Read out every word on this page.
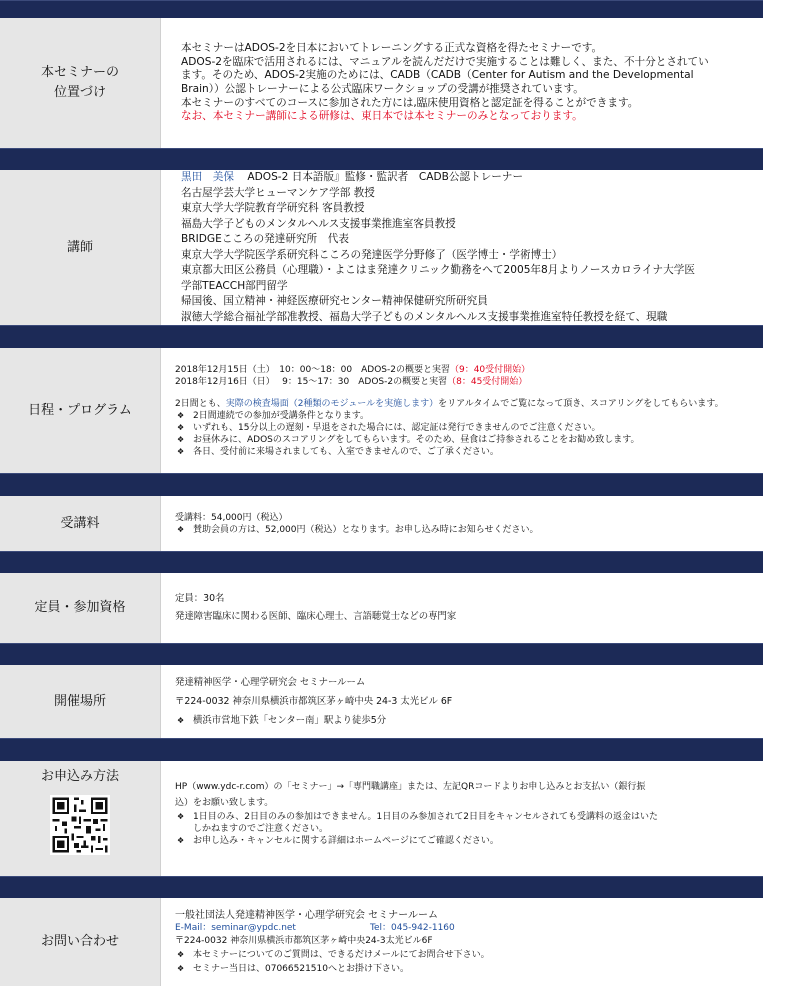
本セミナーの
位置づけ
本セミナーはADOS-2を日本においてトレーニングする正式な資格を得たセミナーです。
ADOS-2を臨床で活用されるには、マニュアルを読んだだけで実施することは難しく、また、不十分とされてい
ます。そのため、ADOS-2実施のためには、CADB（CADB（Center for Autism and the Developmental
Brain））公認トレーナーによる公式臨床ワークショップの受講が推奨されています。
本セミナーのすべてのコースに参加された方には,臨床使用資格と認定証を得ることができます。
なお、本セミナー講師による研修は、東日本では本セミナーのみとなっております。
講師
黒田　美保 ADOS-2 日本語版』監修・監訳者　CADB公認トレーナー
名古屋学芸大学ヒューマンケア学部 教授
東京大学大学院教育学研究科 客員教授
福島大学子どものメンタルヘルス支援事業推進室客員教授
BRIDGEこころの発達研究所　代表
東京大学大学院医学系研究科こころの発達医学分野修了（医学博士・学術博士）
東京都大田区公務員（心理職）・よこはま発達クリニック勤務をへて2005年8月よりノースカロライナ大学医
学部TEACCH部門留学
帰国後、国立精神・神経医療研究センター精神保健研究所研究員
淑徳大学総合福祉学部准教授、福島大学子どものメンタルヘルス支援事業推進室特任教授を経て、現職
日程・プログラム
2018年12月15日（土）　10：00～18：00　ADOS-2の概要と実習（9：40受付開始）
2018年12月16日（日）　 9：15～17：30　ADOS-2の概要と実習（8：45受付開始）
2日間とも、実際の検査場面（2種類のモジュールを実施します）をリアルタイムでご覧になって頂き、スコアリングをしてもらいます。
❖ 2日間連続での参加が受講条件となります。
❖ いずれも、15分以上の遅刻・早退をされた場合には、認定証は発行できませんのでご注意ください。
❖ お昼休みに、ADOSのスコアリングをしてもらいます。そのため、昼食はご持参されることをお勧め致します。
❖ 各日、受付前に来場されましても、入室できませんので、ご了承ください。
受講料	受講料：54,000円（税込）
❖ 賛助会員の方は、52,000円（税込）となります。お申し込み時にお知らせください。
定員・参加資格
定員：30名
発達障害臨床に関わる医師、臨床心理士、言語聴覚士などの専門家
開催場所
発達精神医学・心理学研究会 セミナールーム
〒224-0032 神奈川県横浜市都筑区茅ヶ崎中央 24-3 太光ビル 6F
❖ 横浜市営地下鉄「センター南」駅より徒歩5分
お申込み方法
HP（www.ydc-r.com）の「セミナー」→「専門職講座」または、左記QRコードよりお申し込みとお支払い（銀行振
込）をお願い致します。
❖ 1日目のみ、2日目のみの参加はできません。1日目のみ参加されて2日目をキャンセルされても受講料の返金はいた
しかねますのでご注意ください。
❖ お申し込み・キャンセルに関する詳細はホームページにてご確認ください。
お問い合わせ
一般社団法人発達精神医学・心理学研究会 セミナールーム
E-Mail：seminar@ypdc.net	Tel：045-942-1160
〒224-0032 神奈川県横浜市都筑区茅ヶ崎中央24-3太光ビル6F
❖ 本セミナーについてのご質問は、できるだけメールにてお問合せ下さい。
❖ セミナー当日は、07066521510へとお掛け下さい。
